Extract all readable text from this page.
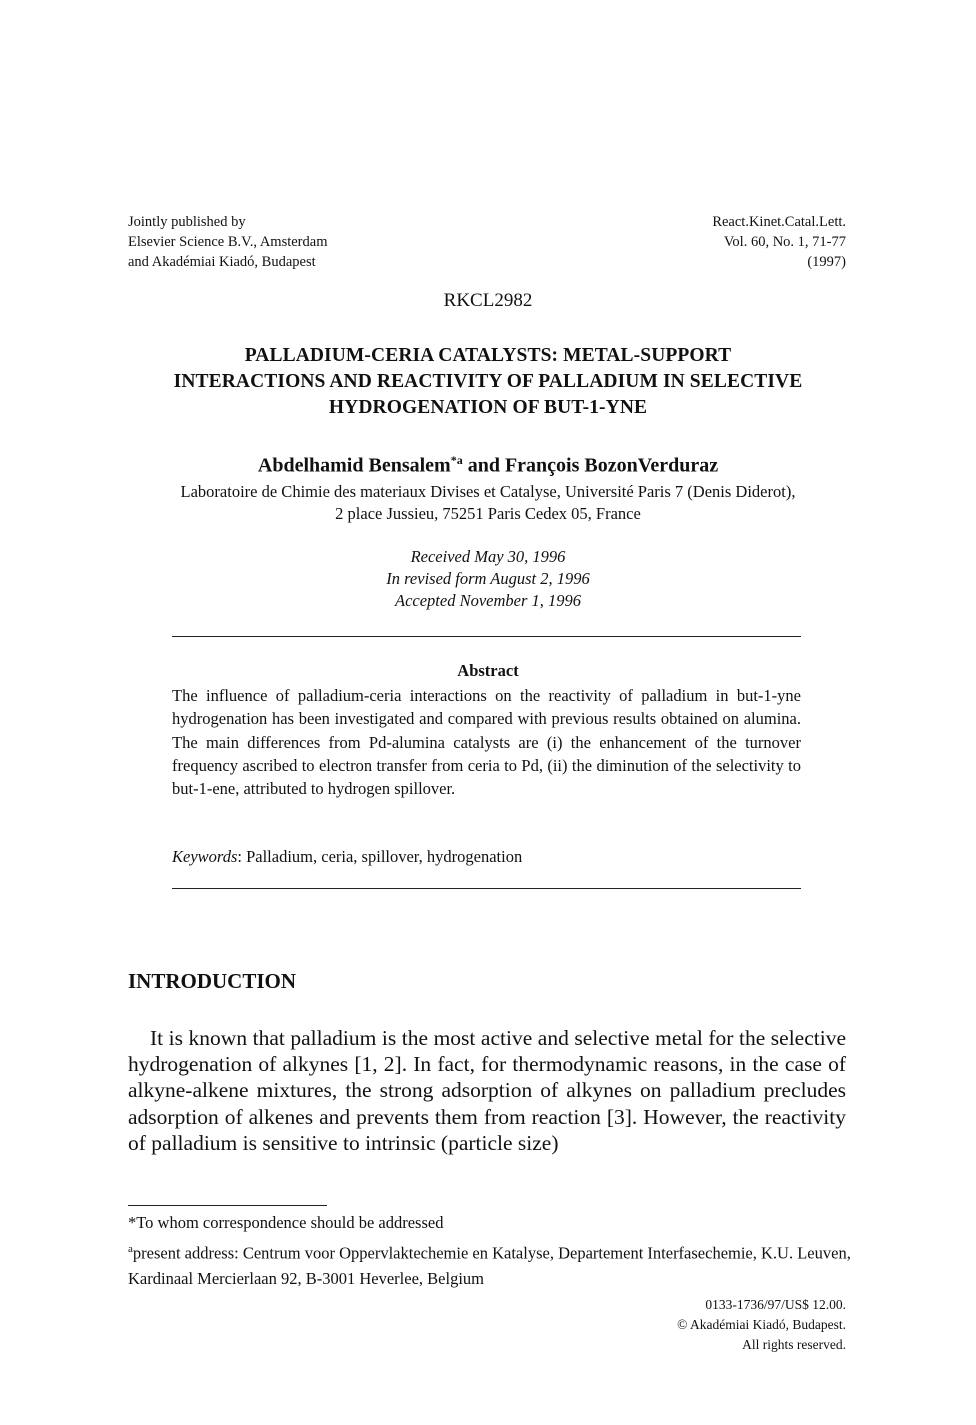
Jointly published by
Elsevier Science B.V., Amsterdam
and Akadémiai Kiadó, Budapest
React.Kinet.Catal.Lett.
Vol. 60, No. 1, 71-77
(1997)
RKCL2982
PALLADIUM-CERIA CATALYSTS: METAL-SUPPORT
INTERACTIONS AND REACTIVITY OF PALLADIUM IN SELECTIVE
HYDROGENATION OF BUT-1-YNE
Abdelhamid Bensalem$^{*a}$ and François BozonVerduraz
Laboratoire de Chimie des materiaux Divises et Catalyse, Université Paris 7 (Denis Diderot),
2 place Jussieu, 75251 Paris Cedex 05, France
Received May 30, 1996
In revised form August 2, 1996
Accepted November 1, 1996
Abstract
The influence of palladium-ceria interactions on the reactivity of palladium in but-1-yne hydrogenation has been investigated and compared with previous results obtained on alumina. The main differences from Pd-alumina catalysts are (i) the enhancement of the turnover frequency ascribed to electron transfer from ceria to Pd, (ii) the diminution of the selectivity to but-1-ene, attributed to hydrogen spillover.
Keywords: Palladium, ceria, spillover, hydrogenation
INTRODUCTION

It is known that palladium is the most active and selective metal for the selective hydrogenation of alkynes [1, 2]. In fact, for thermodynamic reasons, in the case of alkyne-alkene mixtures, the strong adsorption of alkynes on palladium precludes adsorption of alkenes and prevents them from reaction [3]. However, the reactivity of palladium is sensitive to intrinsic (particle size)

*To whom correspondence should be addressed
$^a$present address: Centrum voor Oppervlaktechemie en Katalyse, Departement Interfasechemie, K.U. Leuven, Kardinaal Mercierlaan 92, B-3001 Heverlee, Belgium
0133-1736/97/US$ 12.00.
© Akadémiai Kiadó, Budapest.
All rights reserved.
